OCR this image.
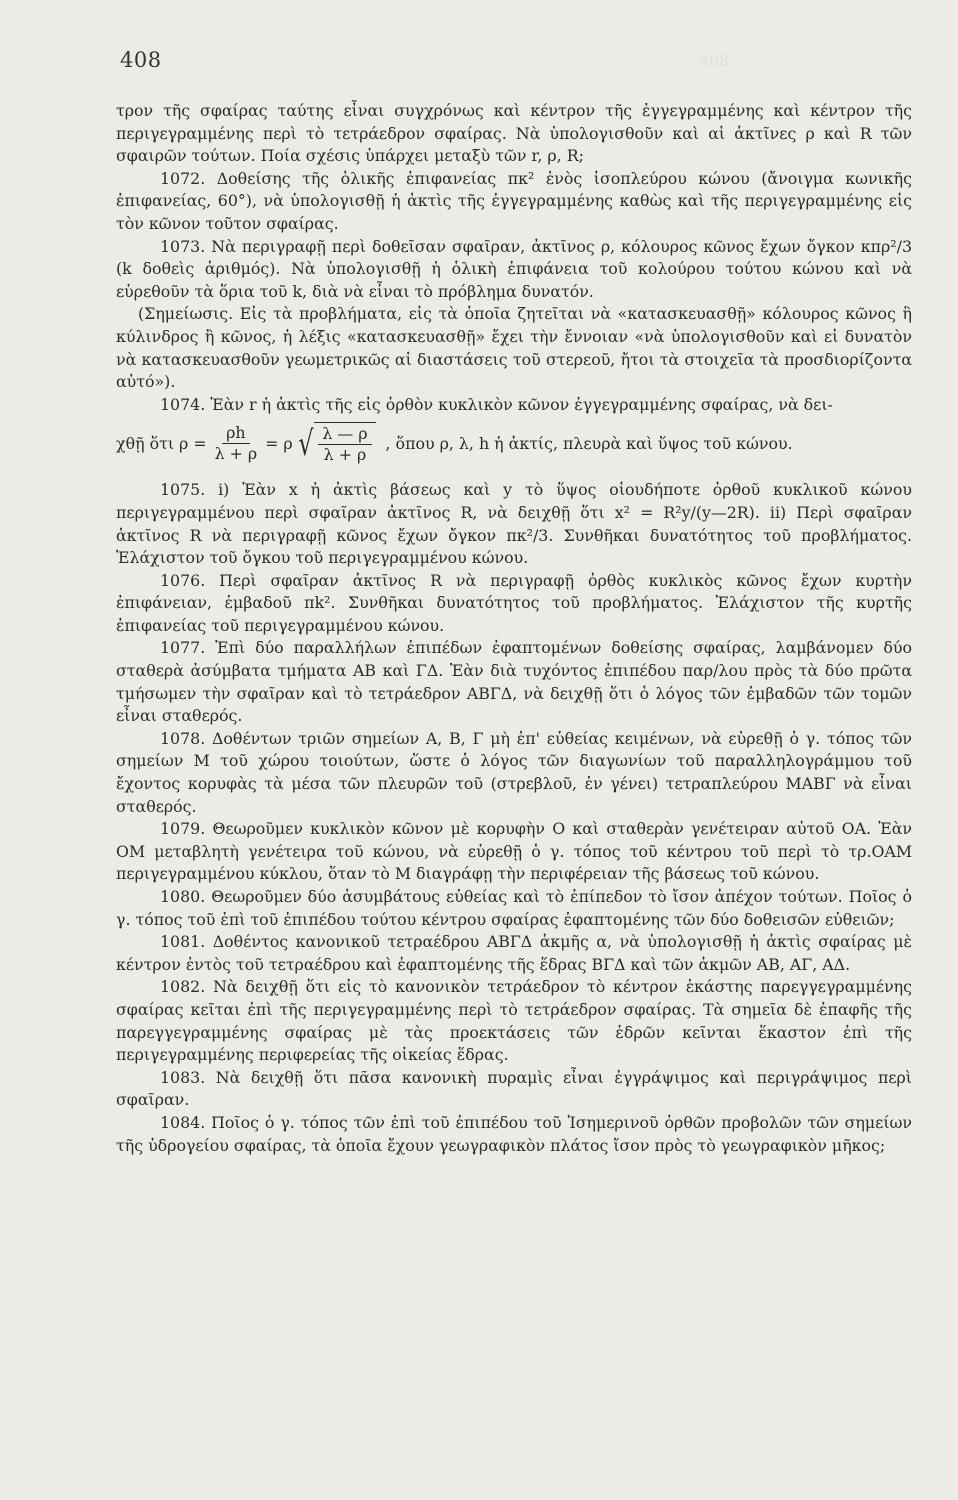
408
408

τρον τῆς σφαίρας ταύτης εἶναι συγχρόνως καὶ κέντρον τῆς ἐγγεγραμμένης καὶ κέντρον τῆς περιγεγραμμένης περὶ τὸ τετράεδρον σφαίρας. Νὰ ὑπολογισθοῦν καὶ αἱ ἀκτῖνες ρ καὶ R τῶν σφαιρῶν τούτων. Ποία σχέσις ὑπάρχει μεταξὺ τῶν r, ρ, R;

1072. Δοθείσης τῆς ὁλικῆς ἐπιφανείας πκ² ἑνὸς ἰσοπλεύρου κώνου (ἄνοιγμα κωνικῆς ἐπιφανείας, 60°), νὰ ὑπολογισθῇ ἡ ἀκτὶς τῆς ἐγγεγραμμένης καθὼς καὶ τῆς περιγεγραμμένης εἰς τὸν κῶνον τοῦτον σφαίρας.

1073. Νὰ περιγραφῇ περὶ δοθεῖσαν σφαῖραν, ἀκτῖνος ρ, κόλουρος κῶνος ἔχων ὄγκον κπρ²/3 (k δοθεὶς ἀριθμός). Νὰ ὑπολογισθῇ ἡ ὁλικὴ ἐπιφάνεια τοῦ κολούρου τούτου κώνου καὶ νὰ εὑρεθοῦν τὰ ὅρια τοῦ k, διὰ νὰ εἶναι τὸ πρόβλημα δυνατόν.

(Σημείωσις. Εἰς τὰ προβλήματα, εἰς τὰ ὁποῖα ζητεῖται νὰ «κατασκευασθῇ» κόλουρος κῶνος ἢ κύλινδρος ἢ κῶνος, ἡ λέξις «κατασκευασθῇ» ἔχει τὴν ἔννοιαν «νὰ ὑπολογισθοῦν καὶ εἰ δυνατὸν νὰ κατασκευασθοῦν γεωμετρικῶς αἱ διαστάσεις τοῦ στερεοῦ, ἤτοι τὰ στοιχεῖα τὰ προσδιορίζοντα αὐτό»).

1074. Ἐὰν r ἡ ἀκτὶς τῆς εἰς ὀρθὸν κυκλικὸν κῶνον ἐγγεγραμμένης σφαίρας, νὰ δει-

χθῇ ὅτι $\rho = \frac{\rho h}{\lambda + \rho} = \rho$ √ $\frac{\lambda — \rho}{\lambda + \rho}$ , ὅπου ρ, λ, h ἡ ἀκτίς, πλευρὰ καὶ ὕψος τοῦ κώνου.

1075. i) Ἐὰν x ἡ ἀκτὶς βάσεως καὶ y τὸ ὕψος οἱουδήποτε ὀρθοῦ κυκλικοῦ κώνου περιγεγραμμένου περὶ σφαῖραν ἀκτῖνος R, νὰ δειχθῇ ὅτι x² = R²y/(y—2R). ii) Περὶ σφαῖραν ἀκτῖνος R νὰ περιγραφῇ κῶνος ἔχων ὄγκον πκ²/3. Συνθῆκαι δυνατότητος τοῦ προβλήματος. Ἐλάχιστον τοῦ ὄγκου τοῦ περιγεγραμμένου κώνου.

1076. Περὶ σφαῖραν ἀκτῖνος R νὰ περιγραφῇ ὀρθὸς κυκλικὸς κῶνος ἔχων κυρτὴν ἐπιφάνειαν, ἐμβαδοῦ πk². Συνθῆκαι δυνατότητος τοῦ προβλήματος. Ἐλάχιστον τῆς κυρτῆς ἐπιφανείας τοῦ περιγεγραμμένου κώνου.

1077. Ἐπὶ δύο παραλλήλων ἐπιπέδων ἐφαπτομένων δοθείσης σφαίρας, λαμβάνομεν δύο σταθερὰ ἀσύμβατα τμήματα AB καὶ ΓΔ. Ἐὰν διὰ τυχόντος ἐπιπέδου παρ/λου πρὸς τὰ δύο πρῶτα τμήσωμεν τὴν σφαῖραν καὶ τὸ τετράεδρον ΑΒΓΔ, νὰ δειχθῇ ὅτι ὁ λόγος τῶν ἐμβαδῶν τῶν τομῶν εἶναι σταθερός.

1078. Δοθέντων τριῶν σημείων Α, Β, Γ μὴ ἐπ' εὐθείας κειμένων, νὰ εὑρεθῇ ὁ γ. τόπος τῶν σημείων Μ τοῦ χώρου τοιούτων, ὥστε ὁ λόγος τῶν διαγωνίων τοῦ παραλληλογράμμου τοῦ ἔχοντος κορυφὰς τὰ μέσα τῶν πλευρῶν τοῦ (στρεβλοῦ, ἐν γένει) τετραπλεύρου ΜΑΒΓ νὰ εἶναι σταθερός.

1079. Θεωροῦμεν κυκλικὸν κῶνον μὲ κορυφὴν Ο καὶ σταθερὰν γενέτειραν αὐτοῦ ΟΑ. Ἐὰν ΟΜ μεταβλητὴ γενέτειρα τοῦ κώνου, νὰ εὑρεθῇ ὁ γ. τόπος τοῦ κέντρου τοῦ περὶ τὸ τρ.ΟΑΜ περιγεγραμμένου κύκλου, ὅταν τὸ Μ διαγράφῃ τὴν περιφέρειαν τῆς βάσεως τοῦ κώνου.

1080. Θεωροῦμεν δύο ἀσυμβάτους εὐθείας καὶ τὸ ἐπίπεδον τὸ ἴσον ἀπέχον τούτων. Ποῖος ὁ γ. τόπος τοῦ ἐπὶ τοῦ ἐπιπέδου τούτου κέντρου σφαίρας ἐφαπτομένης τῶν δύο δοθεισῶν εὐθειῶν;

1081. Δοθέντος κανονικοῦ τετραέδρου ΑΒΓΔ ἀκμῆς α, νὰ ὑπολογισθῇ ἡ ἀκτὶς σφαίρας μὲ κέντρον ἐντὸς τοῦ τετραέδρου καὶ ἐφαπτομένης τῆς ἕδρας ΒΓΔ καὶ τῶν ἀκμῶν ΑΒ, ΑΓ, ΑΔ.

1082. Νὰ δειχθῇ ὅτι εἰς τὸ κανονικὸν τετράεδρον τὸ κέντρον ἑκάστης παρεγγεγραμμένης σφαίρας κεῖται ἐπὶ τῆς περιγεγραμμένης περὶ τὸ τετράεδρον σφαίρας. Τὰ σημεῖα δὲ ἐπαφῆς τῆς παρεγγεγραμμένης σφαίρας μὲ τὰς προεκτάσεις τῶν ἑδρῶν κεῖνται ἕκαστον ἐπὶ τῆς περιγεγραμμένης περιφερείας τῆς οἰκείας ἕδρας.

1083. Νὰ δειχθῇ ὅτι πᾶσα κανονικὴ πυραμὶς εἶναι ἐγγράψιμος καὶ περιγράψιμος περὶ σφαῖραν.

1084. Ποῖος ὁ γ. τόπος τῶν ἐπὶ τοῦ ἐπιπέδου τοῦ Ἰσημερινοῦ ὀρθῶν προβολῶν τῶν σημείων τῆς ὑδρογείου σφαίρας, τὰ ὁποῖα ἔχουν γεωγραφικὸν πλάτος ἴσον πρὸς τὸ γεωγραφικὸν μῆκος;
